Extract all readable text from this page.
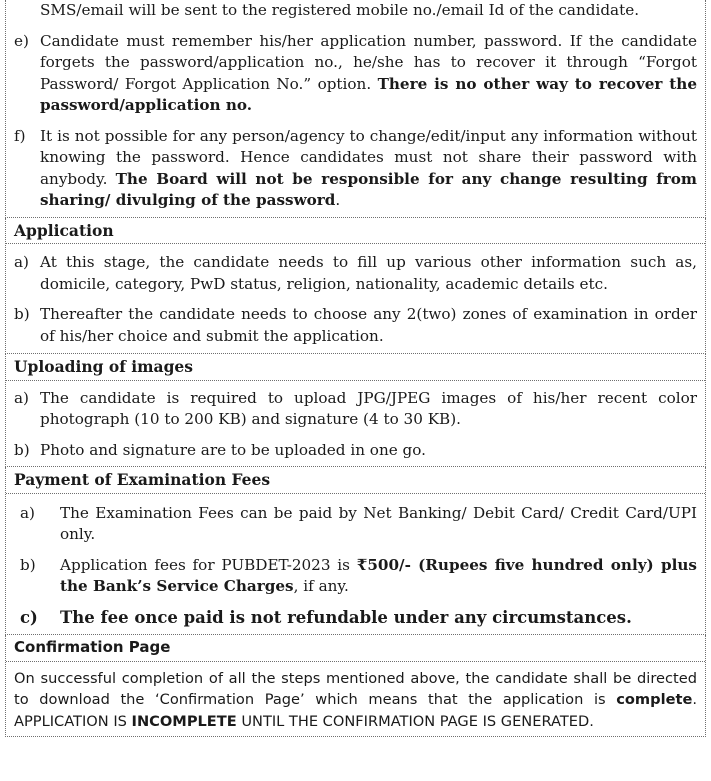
SMS/email will be sent to the registered mobile no./email Id of the candidate.
e) Candidate must remember his/her application number, password. If the candidate forgets the password/application no., he/she has to recover it through “Forgot Password/ Forgot Application No.” option. There is no other way to recover the password/application no.
f) It is not possible for any person/agency to change/edit/input any information without knowing the password. Hence candidates must not share their password with anybody. The Board will not be responsible for any change resulting from sharing/ divulging of the password.
Application
a) At this stage, the candidate needs to fill up various other information such as, domicile, category, PwD status, religion, nationality, academic details etc.
b) Thereafter the candidate needs to choose any 2(two) zones of examination in order of his/her choice and submit the application.
Uploading of images
a) The candidate is required to upload JPG/JPEG images of his/her recent color photograph (10 to 200 KB) and signature (4 to 30 KB).
b) Photo and signature are to be uploaded in one go.
Payment of Examination Fees
a)	The Examination Fees can be paid by Net Banking/ Debit Card/ Credit Card/UPI only.
b)	Application fees for PUBDET-2023 is ₹500/- (Rupees five hundred only) plus the Bank’s Service Charges, if any.
c)	The fee once paid is not refundable under any circumstances.
Confirmation Page
On successful completion of all the steps mentioned above, the candidate shall be directed to download the ‘Confirmation Page’ which means that the application is complete. APPLICATION IS INCOMPLETE UNTIL THE CONFIRMATION PAGE IS GENERATED.
